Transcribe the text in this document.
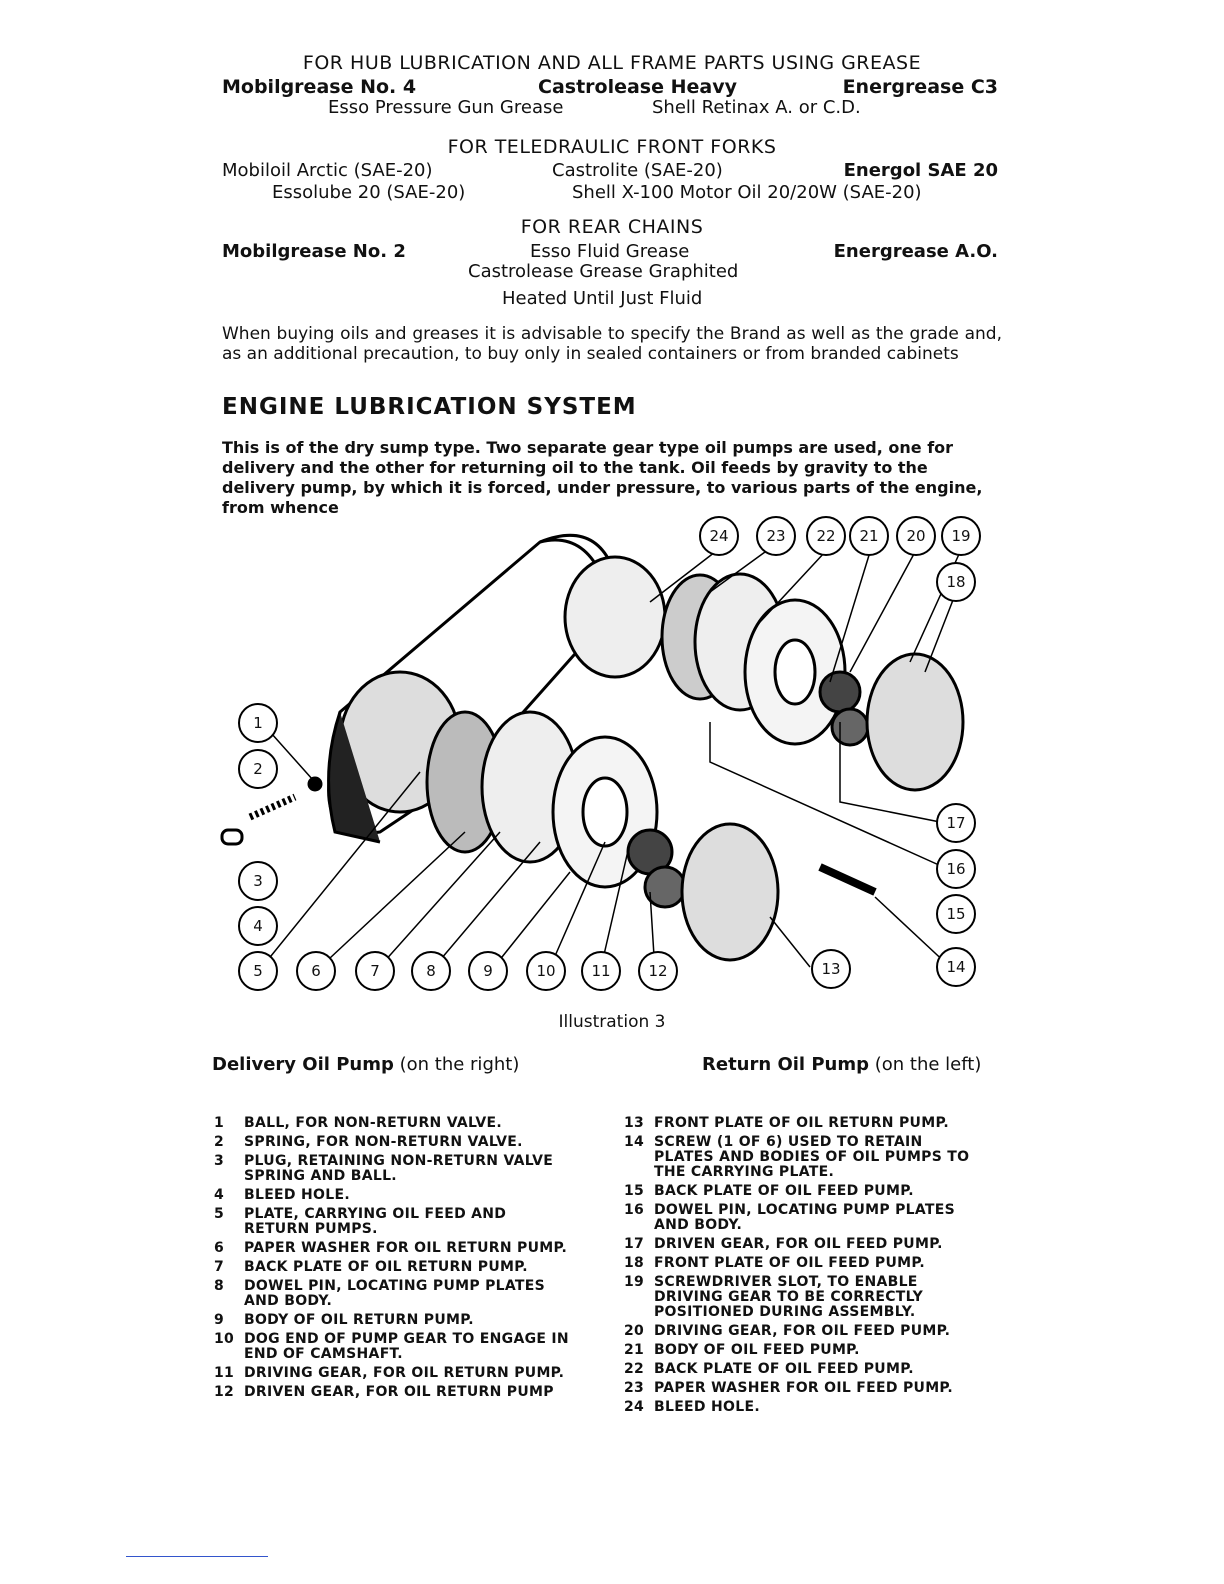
FOR HUB LUBRICATION AND ALL FRAME PARTS USING GREASE
Mobilgrease No. 4	Castrolease Heavy	Energrease C3
Esso Pressure Gun Grease	Shell Retinax A. or C.D.
FOR TELEDRAULIC FRONT FORKS
Mobiloil Arctic (SAE-20)	Castrolite (SAE-20)	Energol SAE 20
Essolube 20 (SAE-20)	Shell X-100 Motor Oil 20/20W (SAE-20)
FOR REAR CHAINS
Mobilgrease No. 2	Esso Fluid Grease	Energrease A.O.
Castrolease Grease Graphited
Heated Until Just Fluid
When buying oils and greases it is advisable to specify the Brand as well as the grade and, as an additional precaution, to buy only in sealed containers or from branded cabinets
ENGINE LUBRICATION SYSTEM
This is of the dry sump type. Two separate gear type oil pumps are used, one for delivery and the other for returning oil to the tank. Oil feeds by gravity to the delivery pump, by which it is forced, under pressure, to various parts of the engine, from whence
1
2
3
4
5	6	7	8	9	10	11	12	13	14
15
16
17
18
19
20
21
22
23
24
Illustration 3
Delivery Oil Pump (on the right)	Return Oil Pump (on the left)
1	BALL, FOR NON-RETURN VALVE.
2	SPRING, FOR NON-RETURN VALVE.
3	PLUG, RETAINING NON-RETURN VALVE SPRING AND BALL.
4	BLEED HOLE.
5	PLATE, CARRYING OIL FEED AND RETURN PUMPS.
6	PAPER WASHER FOR OIL RETURN PUMP.
7	BACK PLATE OF OIL RETURN PUMP.
8	DOWEL PIN, LOCATING PUMP PLATES AND BODY.
9	BODY OF OIL RETURN PUMP.
10 DOG END OF PUMP GEAR TO ENGAGE IN END OF CAMSHAFT.
11 DRIVING GEAR, FOR OIL RETURN PUMP.
12 DRIVEN GEAR, FOR OIL RETURN PUMP
13 FRONT PLATE OF OIL RETURN PUMP.
14 SCREW (1 OF 6) USED TO RETAIN PLATES AND BODIES OF OIL PUMPS TO THE CARRYING PLATE.
15 BACK PLATE OF OIL FEED PUMP.
16 DOWEL PIN, LOCATING PUMP PLATES AND BODY.
17 DRIVEN GEAR, FOR OIL FEED PUMP.
18 FRONT PLATE OF OIL FEED PUMP.
19 SCREWDRIVER SLOT, TO ENABLE DRIVING GEAR TO BE CORRECTLY POSITIONED DURING ASSEMBLY.
20 DRIVING GEAR, FOR OIL FEED PUMP.
21 BODY OF OIL FEED PUMP.
22 BACK PLATE OF OIL FEED PUMP.
23 PAPER WASHER FOR OIL FEED PUMP.
24 BLEED HOLE.
